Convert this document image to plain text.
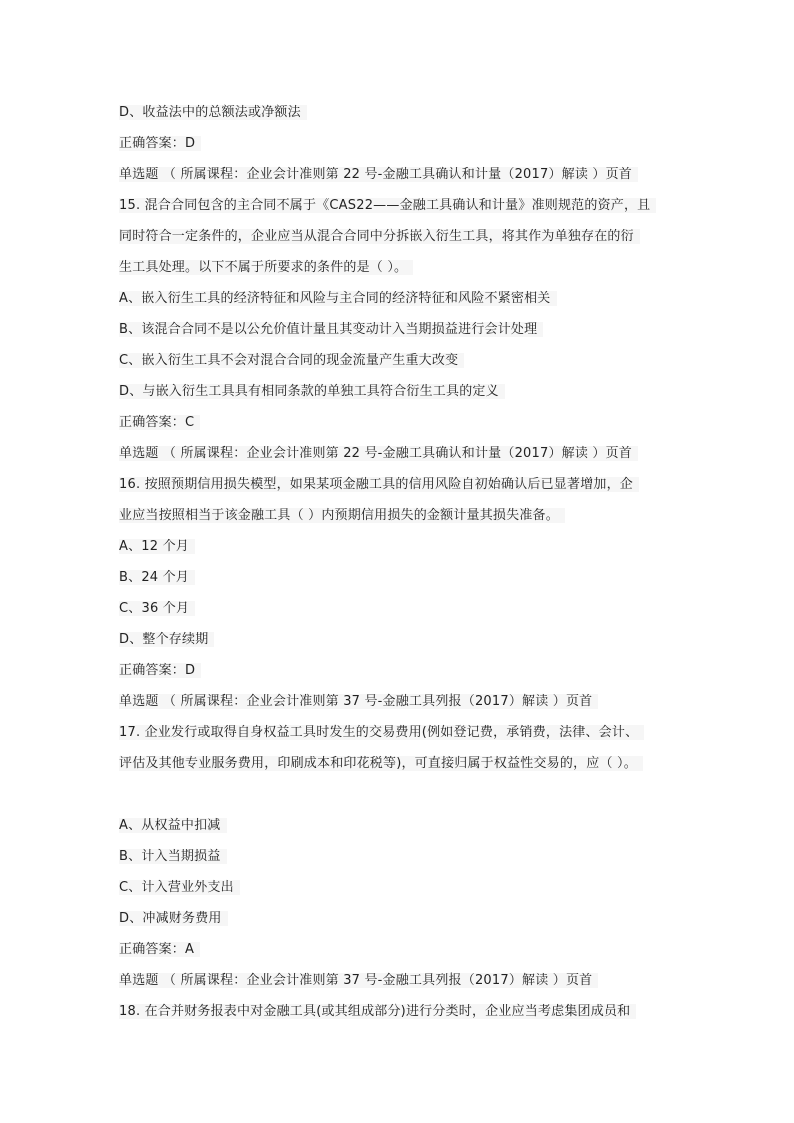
D、收益法中的总额法或净额法
正确答案：D
单选题 （ 所属课程：企业会计准则第 22 号-金融工具确认和计量（2017）解读 ）页首
15. 混合合同包含的主合同不属于《CAS22——金融工具确认和计量》准则规范的资产，且
同时符合一定条件的，企业应当从混合合同中分拆嵌入衍生工具，将其作为单独存在的衍
生工具处理。以下不属于所要求的条件的是（ ）。
A、嵌入衍生工具的经济特征和风险与主合同的经济特征和风险不紧密相关
B、该混合合同不是以公允价值计量且其变动计入当期损益进行会计处理
C、嵌入衍生工具不会对混合合同的现金流量产生重大改变
D、与嵌入衍生工具具有相同条款的单独工具符合衍生工具的定义
正确答案：C
单选题 （ 所属课程：企业会计准则第 22 号-金融工具确认和计量（2017）解读 ）页首
16. 按照预期信用损失模型，如果某项金融工具的信用风险自初始确认后已显著增加，企
业应当按照相当于该金融工具（ ）内预期信用损失的金额计量其损失准备。
A、12 个月
B、24 个月
C、36 个月
D、整个存续期
正确答案：D
单选题 （ 所属课程：企业会计准则第 37 号-金融工具列报（2017）解读 ）页首
17. 企业发行或取得自身权益工具时发生的交易费用(例如登记费，承销费，法律、会计、
评估及其他专业服务费用，印刷成本和印花税等)，可直接归属于权益性交易的，应（ ）。
A、从权益中扣减
B、计入当期损益
C、计入营业外支出
D、冲减财务费用
正确答案：A
单选题 （ 所属课程：企业会计准则第 37 号-金融工具列报（2017）解读 ）页首
18. 在合并财务报表中对金融工具(或其组成部分)进行分类时，企业应当考虑集团成员和
